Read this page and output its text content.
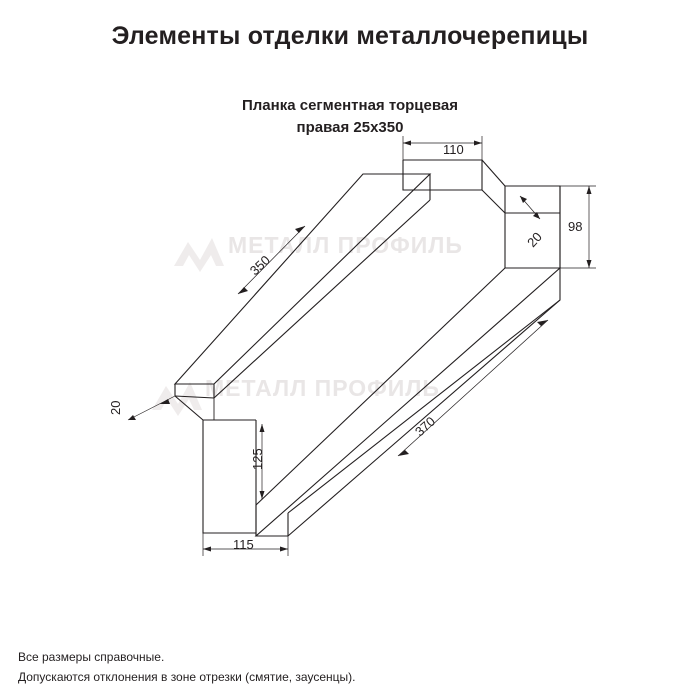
Элементы отделки металлочерепицы
Планка сегментная торцевая
правая 25х350
МЕТАЛЛ ПРОФИЛЬ
МЕТАЛЛ ПРОФИЛЬ
110
98
20
350
20
370
125
115
Все размеры справочные.
Допускаются отклонения в зоне отрезки (смятие, заусенцы).
